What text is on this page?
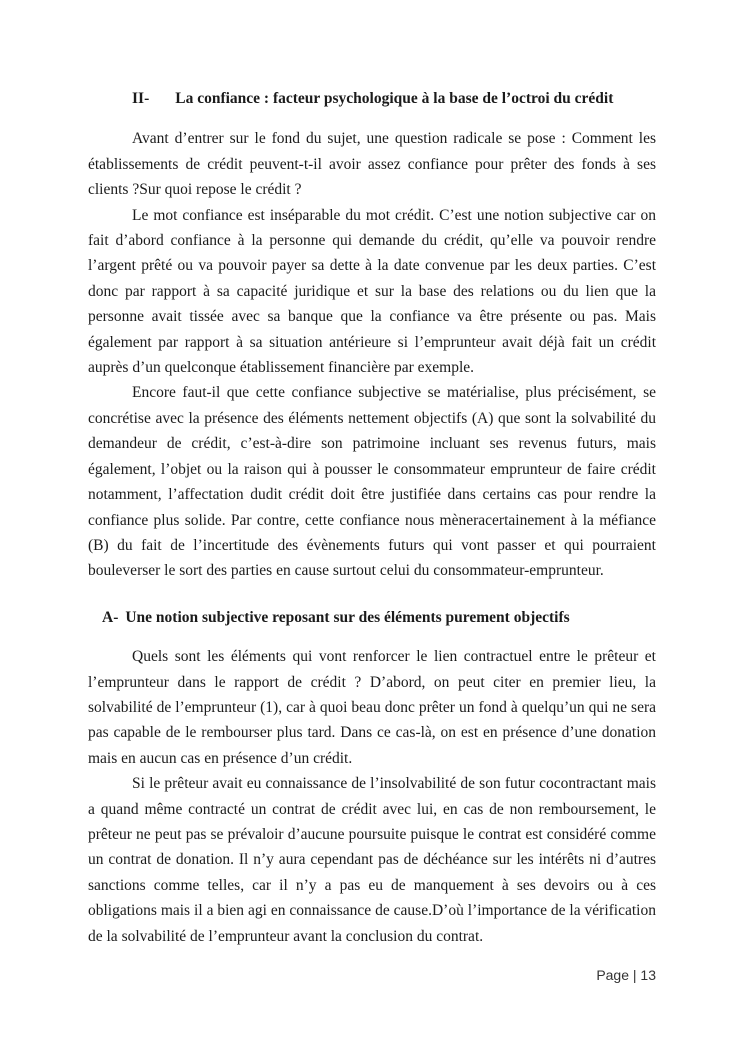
II- La confiance : facteur psychologique à la base de l’octroi du crédit

Avant d’entrer sur le fond du sujet, une question radicale se pose : Comment les établissements de crédit peuvent-t-il avoir assez confiance pour prêter des fonds à ses clients ?Sur quoi repose le crédit ?

Le mot confiance est inséparable du mot crédit. C’est une notion subjective car on fait d’abord confiance à la personne qui demande du crédit, qu’elle va pouvoir rendre l’argent prêté ou va pouvoir payer sa dette à la date convenue par les deux parties. C’est donc par rapport à sa capacité juridique et sur la base des relations ou du lien que la personne avait tissée avec sa banque que la confiance va être présente ou pas. Mais également par rapport à sa situation antérieure si l’emprunteur avait déjà fait un crédit auprès d’un quelconque établissement financière par exemple.

Encore faut-il que cette confiance subjective se matérialise, plus précisément, se concrétise avec la présence des éléments nettement objectifs (A) que sont la solvabilité du demandeur de crédit, c’est-à-dire son patrimoine incluant ses revenus futurs, mais également, l’objet ou la raison qui à pousser le consommateur emprunteur de faire crédit notamment, l’affectation dudit crédit doit être justifiée dans certains cas pour rendre la confiance plus solide. Par contre, cette confiance nous mèneracertainement à la méfiance (B) du fait de l’incertitude des évènements futurs qui vont passer et qui pourraient bouleverser le sort des parties en cause surtout celui du consommateur-emprunteur.

A- Une notion subjective reposant sur des éléments purement objectifs

Quels sont les éléments qui vont renforcer le lien contractuel entre le prêteur et l’emprunteur dans le rapport de crédit ? D’abord, on peut citer en premier lieu, la solvabilité de l’emprunteur (1), car à quoi beau donc prêter un fond à quelqu’un qui ne sera pas capable de le rembourser plus tard. Dans ce cas-là, on est en présence d’une donation mais en aucun cas en présence d’un crédit.

Si le prêteur avait eu connaissance de l’insolvabilité de son futur cocontractant mais a quand même contracté un contrat de crédit avec lui, en cas de non remboursement, le prêteur ne peut pas se prévaloir d’aucune poursuite puisque le contrat est considéré comme un contrat de donation. Il n’y aura cependant pas de déchéance sur les intérêts ni d’autres sanctions comme telles, car il n’y a pas eu de manquement à ses devoirs ou à ces obligations mais il a bien agi en connaissance de cause.D’où l’importance de la vérification de la solvabilité de l’emprunteur avant la conclusion du contrat.

Page | 13
